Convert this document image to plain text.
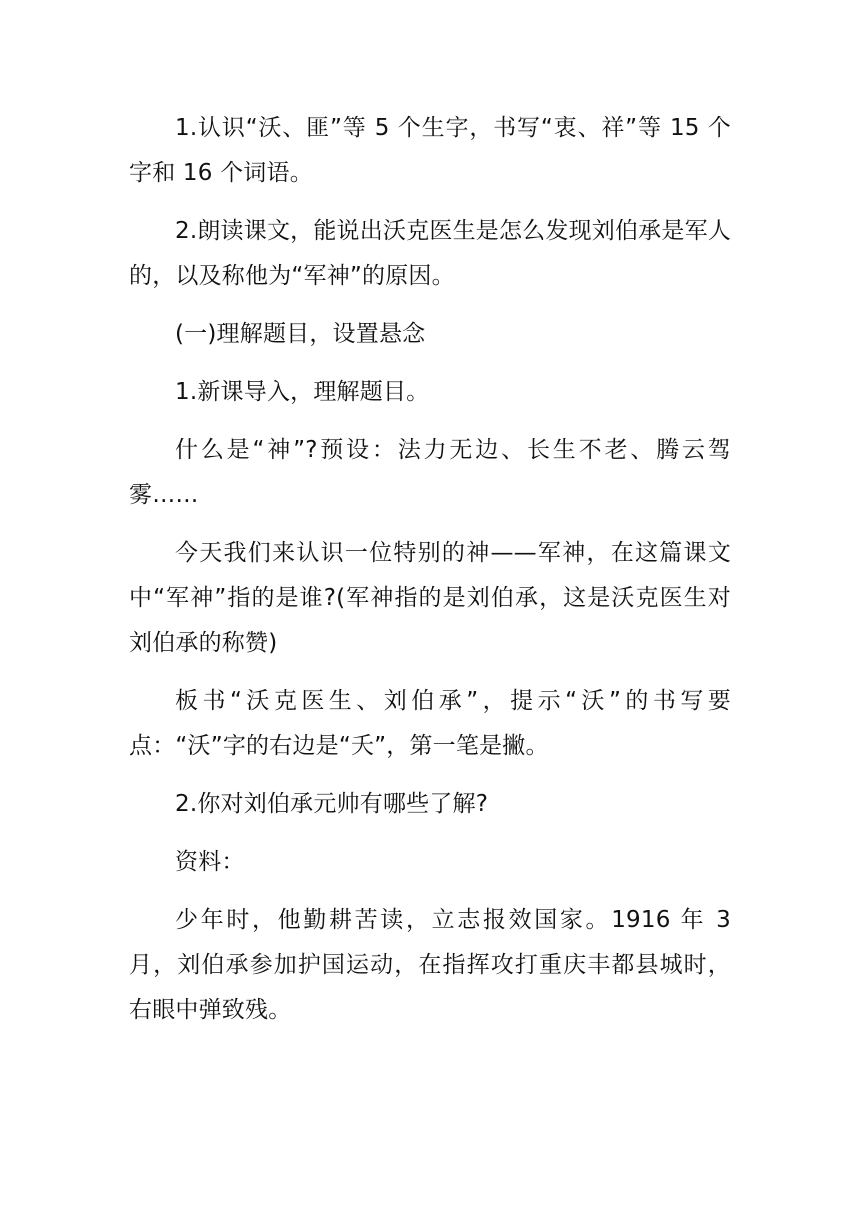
1.认识“沃、匪”等 5 个生字，书写“衷、祥”等 15 个字和 16 个词语。

2.朗读课文，能说出沃克医生是怎么发现刘伯承是军人的，以及称他为“军神”的原因。

(一)理解题目，设置悬念

1.新课导入，理解题目。

什么是“神”?预设：法力无边、长生不老、腾云驾雾……

今天我们来认识一位特别的神——军神，在这篇课文中“军神”指的是谁?(军神指的是刘伯承，这是沃克医生对刘伯承的称赞)

板书“沃克医生、刘伯承”，提示“沃”的书写要点：“沃”字的右边是“夭”，第一笔是撇。

2.你对刘伯承元帅有哪些了解?

资料：

少年时，他勤耕苦读，立志报效国家。1916 年 3 月，刘伯承参加护国运动，在指挥攻打重庆丰都县城时，右眼中弹致残。
